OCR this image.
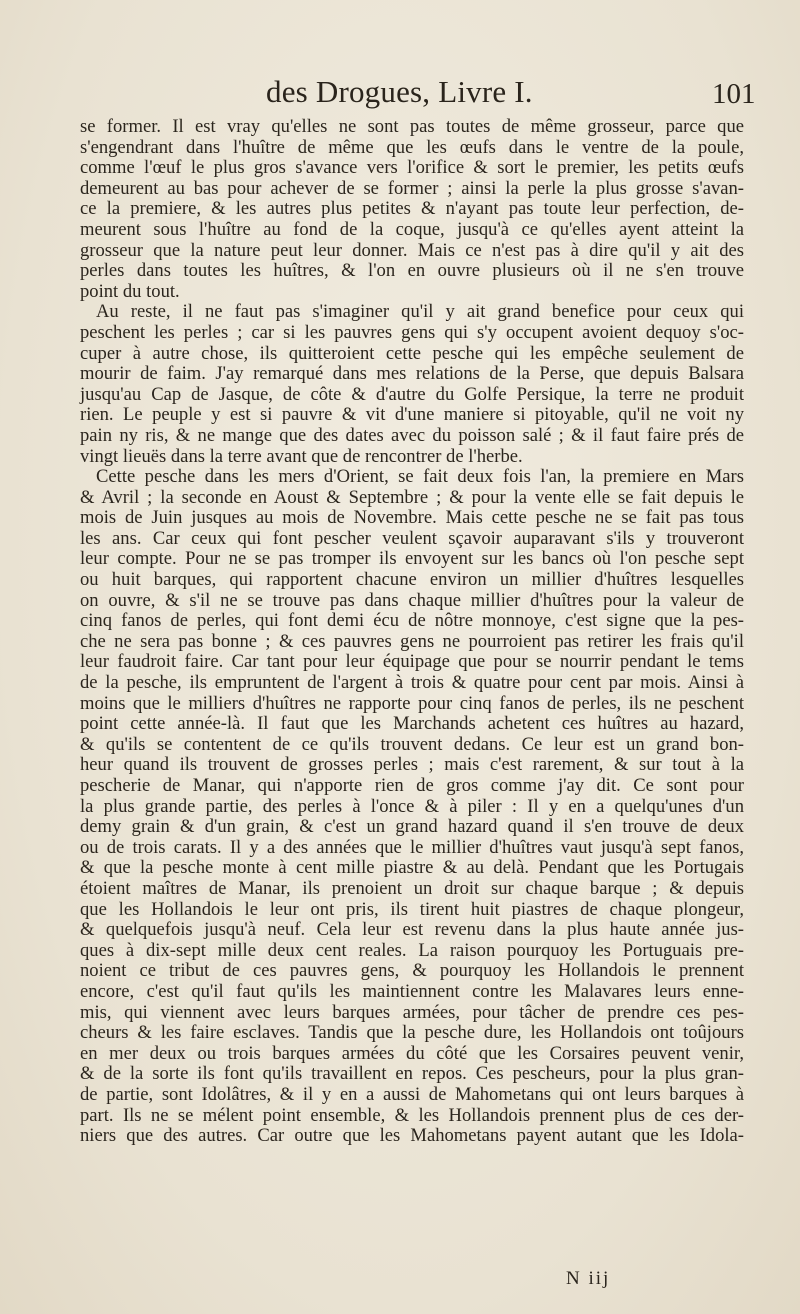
des Drogues, Livre I.	101
se former. Il est vray qu'elles ne sont pas toutes de même grosseur, parce que
s'engendrant dans l'huître de même que les œufs dans le ventre de la poule,
comme l'œuf le plus gros s'avance vers l'orifice & sort le premier, les petits œufs
demeurent au bas pour achever de se former ; ainsi la perle la plus grosse s'avan-
ce la premiere, & les autres plus petites & n'ayant pas toute leur perfection, de-
meurent sous l'huître au fond de la coque, jusqu'à ce qu'elles ayent atteint la
grosseur que la nature peut leur donner. Mais ce n'est pas à dire qu'il y ait des
perles dans toutes les huîtres, & l'on en ouvre plusieurs où il ne s'en trouve
point du tout.
Au reste, il ne faut pas s'imaginer qu'il y ait grand benefice pour ceux qui
peschent les perles ; car si les pauvres gens qui s'y occupent avoient dequoy s'oc-
cuper à autre chose, ils quitteroient cette pesche qui les empêche seulement de
mourir de faim. J'ay remarqué dans mes relations de la Perse, que depuis Balsara
jusqu'au Cap de Jasque, de côte & d'autre du Golfe Persique, la terre ne produit
rien. Le peuple y est si pauvre & vit d'une maniere si pitoyable, qu'il ne voit ny
pain ny ris, & ne mange que des dates avec du poisson salé ; & il faut faire prés de
vingt lieuës dans la terre avant que de rencontrer de l'herbe.
Cette pesche dans les mers d'Orient, se fait deux fois l'an, la premiere en Mars
& Avril ; la seconde en Aoust & Septembre ; & pour la vente elle se fait depuis le
mois de Juin jusques au mois de Novembre. Mais cette pesche ne se fait pas tous
les ans. Car ceux qui font pescher veulent sçavoir auparavant s'ils y trouveront
leur compte. Pour ne se pas tromper ils envoyent sur les bancs où l'on pesche sept
ou huit barques, qui rapportent chacune environ un millier d'huîtres lesquelles
on ouvre, & s'il ne se trouve pas dans chaque millier d'huîtres pour la valeur de
cinq fanos de perles, qui font demi écu de nôtre monnoye, c'est signe que la pes-
che ne sera pas bonne ; & ces pauvres gens ne pourroient pas retirer les frais qu'il
leur faudroit faire. Car tant pour leur équipage que pour se nourrir pendant le tems
de la pesche, ils empruntent de l'argent à trois & quatre pour cent par mois. Ainsi à
moins que le milliers d'huîtres ne rapporte pour cinq fanos de perles, ils ne peschent
point cette année-là. Il faut que les Marchands achetent ces huîtres au hazard,
& qu'ils se contentent de ce qu'ils trouvent dedans. Ce leur est un grand bon-
heur quand ils trouvent de grosses perles ; mais c'est rarement, & sur tout à la
pescherie de Manar, qui n'apporte rien de gros comme j'ay dit. Ce sont pour
la plus grande partie, des perles à l'once & à piler : Il y en a quelqu'unes d'un
demy grain & d'un grain, & c'est un grand hazard quand il s'en trouve de deux
ou de trois carats. Il y a des années que le millier d'huîtres vaut jusqu'à sept fanos,
& que la pesche monte à cent mille piastre & au delà. Pendant que les Portugais
étoient maîtres de Manar, ils prenoient un droit sur chaque barque ; & depuis
que les Hollandois le leur ont pris, ils tirent huit piastres de chaque plongeur,
& quelquefois jusqu'à neuf. Cela leur est revenu dans la plus haute année jus-
ques à dix-sept mille deux cent reales. La raison pourquoy les Portuguais pre-
noient ce tribut de ces pauvres gens, & pourquoy les Hollandois le prennent
encore, c'est qu'il faut qu'ils les maintiennent contre les Malavares leurs enne-
mis, qui viennent avec leurs barques armées, pour tâcher de prendre ces pes-
cheurs & les faire esclaves. Tandis que la pesche dure, les Hollandois ont toûjours
en mer deux ou trois barques armées du côté que les Corsaires peuvent venir,
& de la sorte ils font qu'ils travaillent en repos. Ces pescheurs, pour la plus gran-
de partie, sont Idolâtres, & il y en a aussi de Mahometans qui ont leurs barques à
part. Ils ne se mélent point ensemble, & les Hollandois prennent plus de ces der-
niers que des autres. Car outre que les Mahometans payent autant que les Idola-
N iij
